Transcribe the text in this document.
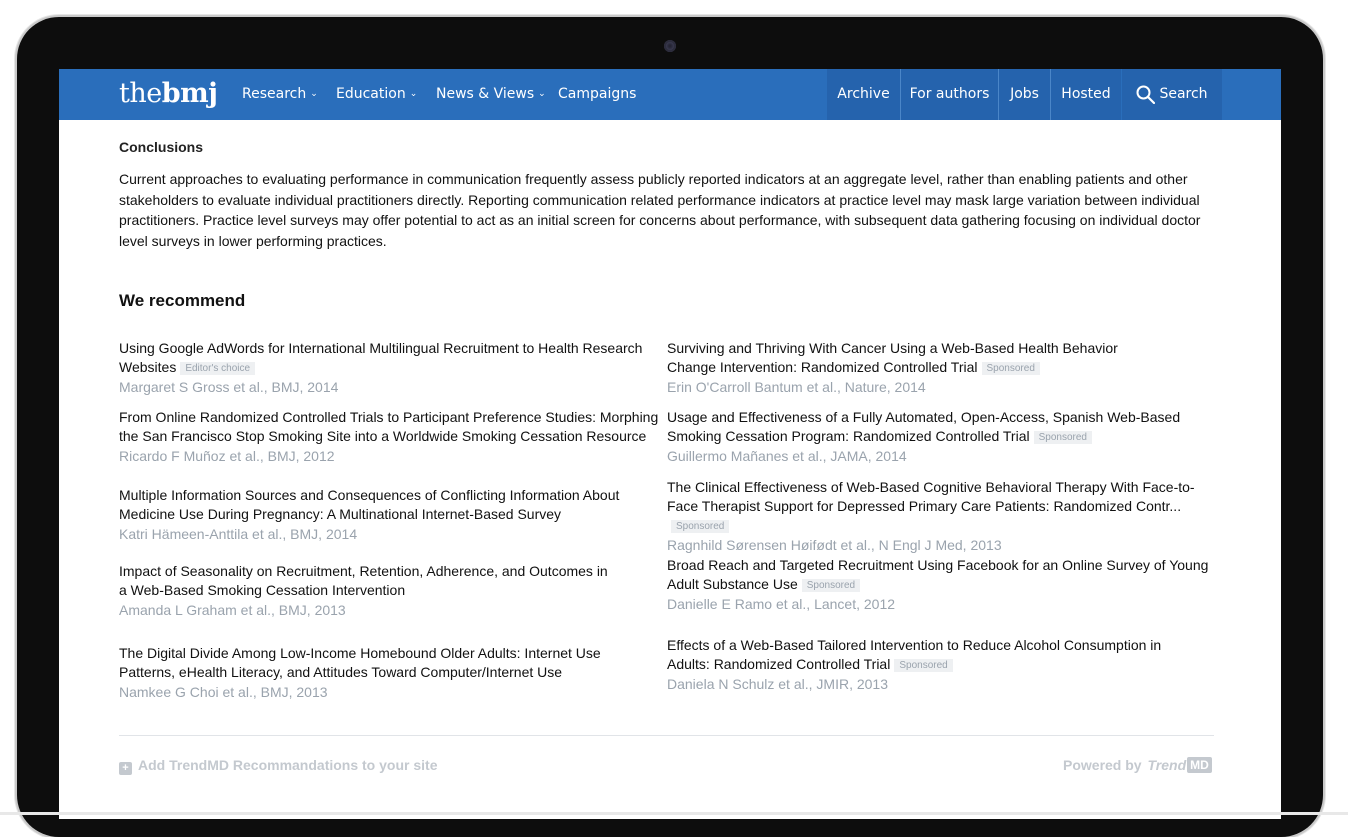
thebmj Research ⌄ Education ⌄ News & Views ⌄ Campaigns	Archive	For authors	Jobs	Hosted	Search
Conclusions
Current approaches to evaluating performance in communication frequently assess publicly reported indicators at an aggregate level, rather than enabling patients and other stakeholders to evaluate individual practitioners directly. Reporting communication related performance indicators at practice level may mask large variation between individual practitioners. Practice level surveys may offer potential to act as an initial screen for concerns about performance, with subsequent data gathering focusing on individual doctor level surveys in lower performing practices.
We recommend
Using Google AdWords for International Multilingual Recruitment to Health Research Websites Editor's choice
Margaret S Gross et al., BMJ, 2014
From Online Randomized Controlled Trials to Participant Preference Studies: Morphing the San Francisco Stop Smoking Site into a Worldwide Smoking Cessation Resource
Ricardo F Muñoz et al., BMJ, 2012
Multiple Information Sources and Consequences of Conflicting Information About Medicine Use During Pregnancy: A Multinational Internet-Based Survey
Katri Hämeen-Anttila et al., BMJ, 2014
Impact of Seasonality on Recruitment, Retention, Adherence, and Outcomes in a Web-Based Smoking Cessation Intervention
Amanda L Graham et al., BMJ, 2013
The Digital Divide Among Low-Income Homebound Older Adults: Internet Use Patterns, eHealth Literacy, and Attitudes Toward Computer/Internet Use
Namkee G Choi et al., BMJ, 2013
Surviving and Thriving With Cancer Using a Web-Based Health Behavior Change Intervention: Randomized Controlled Trial Sponsored
Erin O'Carroll Bantum et al., Nature, 2014
Usage and Effectiveness of a Fully Automated, Open-Access, Spanish Web-Based Smoking Cessation Program: Randomized Controlled Trial Sponsored
Guillermo Mañanes et al., JAMA, 2014
The Clinical Effectiveness of Web-Based Cognitive Behavioral Therapy With Face-to-Face Therapist Support for Depressed Primary Care Patients: Randomized Contr...Sponsored
Ragnhild Sørensen Høifødt et al., N Engl J Med, 2013
Broad Reach and Targeted Recruitment Using Facebook for an Online Survey of Young Adult Substance Use Sponsored
Danielle E Ramo et al., Lancet, 2012
Effects of a Web-Based Tailored Intervention to Reduce Alcohol Consumption in Adults: Randomized Controlled Trial Sponsored
Daniela N Schulz et al., JMIR, 2013
+ Add TrendMD Recommandations to your site	Powered by Trend MD
